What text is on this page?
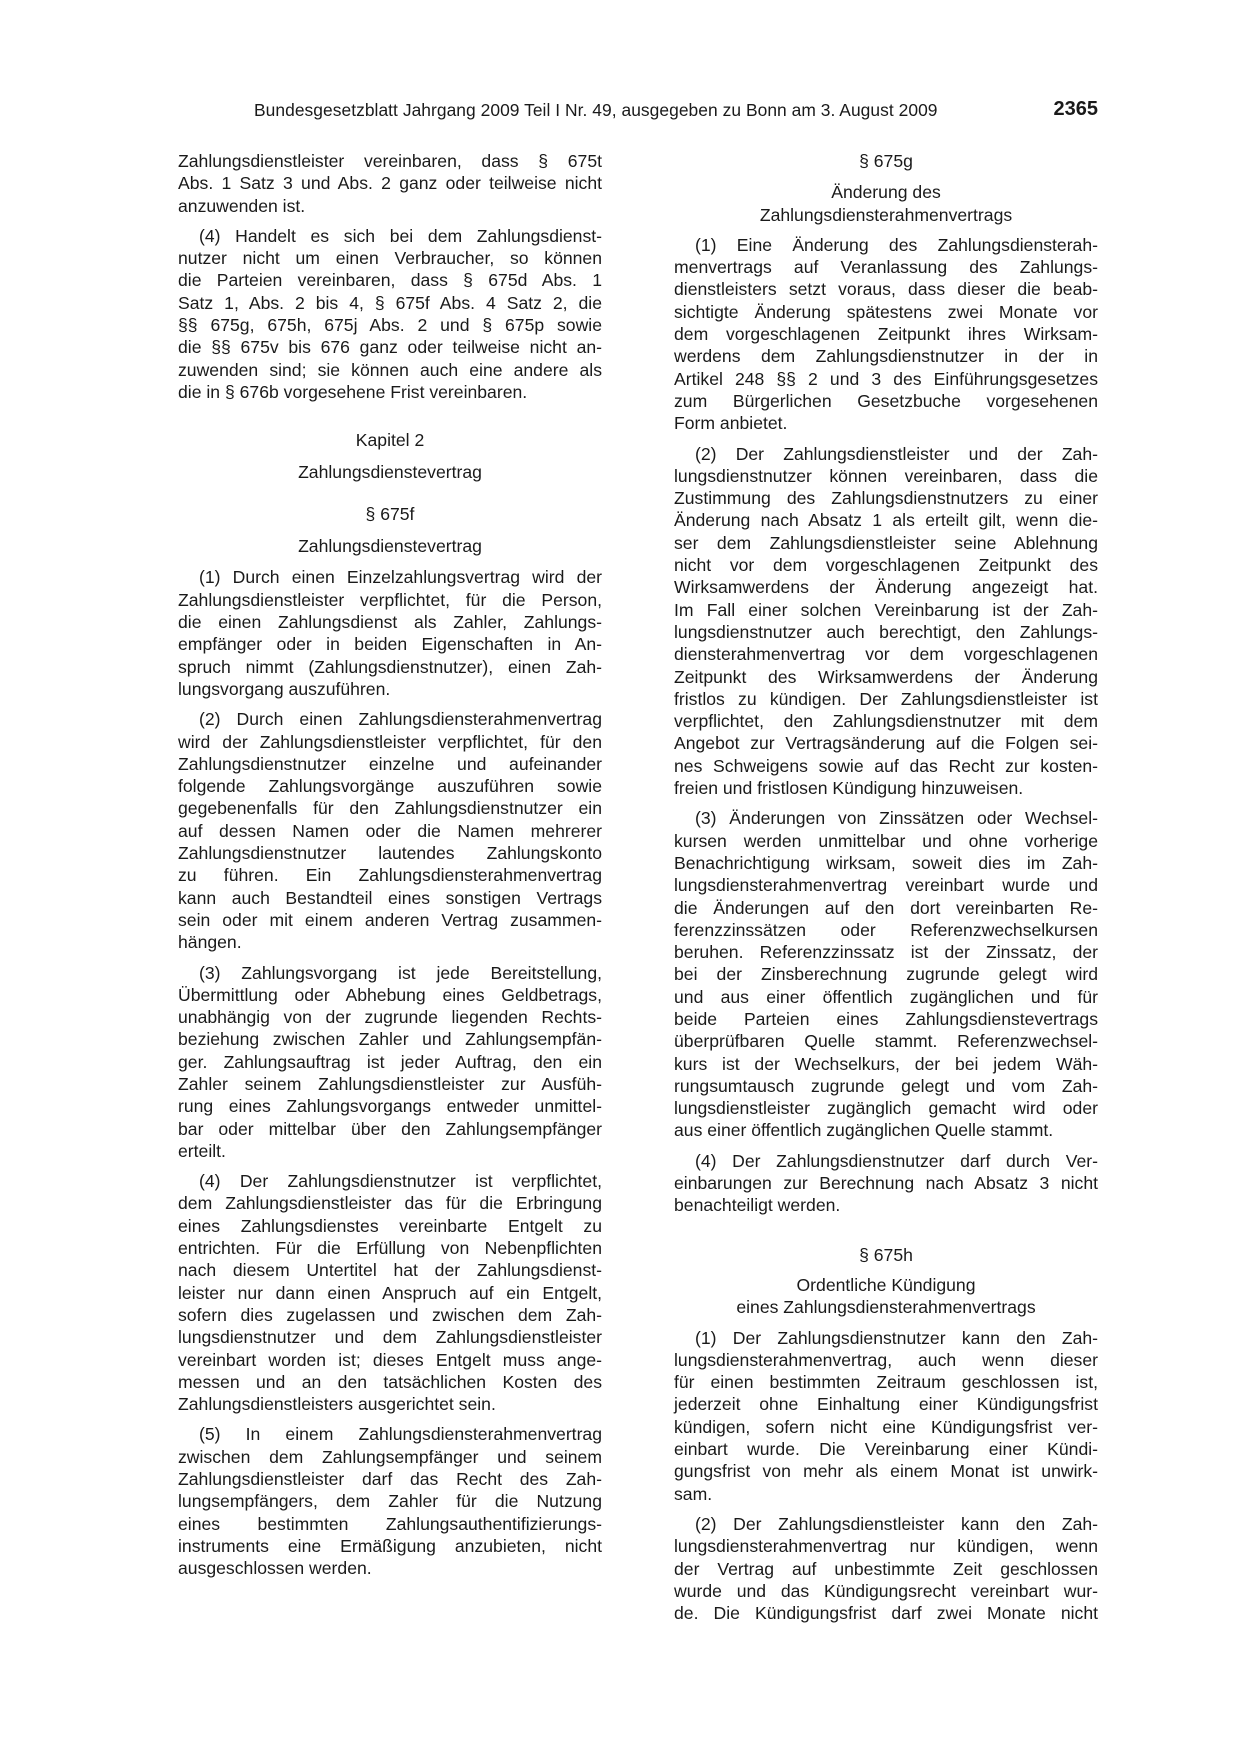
Bundesgesetzblatt Jahrgang 2009 Teil I Nr. 49, ausgegeben zu Bonn am 3. August 2009	2365
Zahlungsdienstleister vereinbaren, dass § 675t
Abs. 1 Satz 3 und Abs. 2 ganz oder teilweise nicht
anzuwenden ist.
(4) Handelt es sich bei dem Zahlungsdienst-
nutzer nicht um einen Verbraucher, so können
die Parteien vereinbaren, dass § 675d Abs. 1
Satz 1, Abs. 2 bis 4, § 675f Abs. 4 Satz 2, die
§§ 675g, 675h, 675j Abs. 2 und § 675p sowie
die §§ 675v bis 676 ganz oder teilweise nicht an-
zuwenden sind; sie können auch eine andere als
die in § 676b vorgesehene Frist vereinbaren.
Kapitel 2
Zahlungsdienstevertrag
§ 675f
Zahlungsdienstevertrag
(1) Durch einen Einzelzahlungsvertrag wird der
Zahlungsdienstleister verpflichtet, für die Person,
die einen Zahlungsdienst als Zahler, Zahlungs-
empfänger oder in beiden Eigenschaften in An-
spruch nimmt (Zahlungsdienstnutzer), einen Zah-
lungsvorgang auszuführen.
(2) Durch einen Zahlungsdiensterahmenvertrag
wird der Zahlungsdienstleister verpflichtet, für den
Zahlungsdienstnutzer einzelne und aufeinander
folgende Zahlungsvorgänge auszuführen sowie
gegebenenfalls für den Zahlungsdienstnutzer ein
auf dessen Namen oder die Namen mehrerer
Zahlungsdienstnutzer lautendes Zahlungskonto
zu führen. Ein Zahlungsdiensterahmenvertrag
kann auch Bestandteil eines sonstigen Vertrags
sein oder mit einem anderen Vertrag zusammen-
hängen.
(3) Zahlungsvorgang ist jede Bereitstellung,
Übermittlung oder Abhebung eines Geldbetrags,
unabhängig von der zugrunde liegenden Rechts-
beziehung zwischen Zahler und Zahlungsempfän-
ger. Zahlungsauftrag ist jeder Auftrag, den ein
Zahler seinem Zahlungsdienstleister zur Ausfüh-
rung eines Zahlungsvorgangs entweder unmittel-
bar oder mittelbar über den Zahlungsempfänger
erteilt.
(4) Der Zahlungsdienstnutzer ist verpflichtet,
dem Zahlungsdienstleister das für die Erbringung
eines Zahlungsdienstes vereinbarte Entgelt zu
entrichten. Für die Erfüllung von Nebenpflichten
nach diesem Untertitel hat der Zahlungsdienst-
leister nur dann einen Anspruch auf ein Entgelt,
sofern dies zugelassen und zwischen dem Zah-
lungsdienstnutzer und dem Zahlungsdienstleister
vereinbart worden ist; dieses Entgelt muss ange-
messen und an den tatsächlichen Kosten des
Zahlungsdienstleisters ausgerichtet sein.
(5) In einem Zahlungsdiensterahmenvertrag
zwischen dem Zahlungsempfänger und seinem
Zahlungsdienstleister darf das Recht des Zah-
lungsempfängers, dem Zahler für die Nutzung
eines bestimmten Zahlungsauthentifizierungs-
instruments eine Ermäßigung anzubieten, nicht
ausgeschlossen werden.
§ 675g
Änderung des
Zahlungsdiensterahmenvertrags
(1) Eine Änderung des Zahlungsdiensterah-
menvertrags auf Veranlassung des Zahlungs-
dienstleisters setzt voraus, dass dieser die beab-
sichtigte Änderung spätestens zwei Monate vor
dem vorgeschlagenen Zeitpunkt ihres Wirksam-
werdens dem Zahlungsdienstnutzer in der in
Artikel 248 §§ 2 und 3 des Einführungsgesetzes
zum Bürgerlichen Gesetzbuche vorgesehenen
Form anbietet.
(2) Der Zahlungsdienstleister und der Zah-
lungsdienstnutzer können vereinbaren, dass die
Zustimmung des Zahlungsdienstnutzers zu einer
Änderung nach Absatz 1 als erteilt gilt, wenn die-
ser dem Zahlungsdienstleister seine Ablehnung
nicht vor dem vorgeschlagenen Zeitpunkt des
Wirksamwerdens der Änderung angezeigt hat.
Im Fall einer solchen Vereinbarung ist der Zah-
lungsdienstnutzer auch berechtigt, den Zahlungs-
diensterahmenvertrag vor dem vorgeschlagenen
Zeitpunkt des Wirksamwerdens der Änderung
fristlos zu kündigen. Der Zahlungsdienstleister ist
verpflichtet, den Zahlungsdienstnutzer mit dem
Angebot zur Vertragsänderung auf die Folgen sei-
nes Schweigens sowie auf das Recht zur kosten-
freien und fristlosen Kündigung hinzuweisen.
(3) Änderungen von Zinssätzen oder Wechsel-
kursen werden unmittelbar und ohne vorherige
Benachrichtigung wirksam, soweit dies im Zah-
lungsdiensterahmenvertrag vereinbart wurde und
die Änderungen auf den dort vereinbarten Re-
ferenzzinssätzen oder Referenzwechselkursen
beruhen. Referenzzinssatz ist der Zinssatz, der
bei der Zinsberechnung zugrunde gelegt wird
und aus einer öffentlich zugänglichen und für
beide Parteien eines Zahlungsdienstevertrags
überprüfbaren Quelle stammt. Referenzwechsel-
kurs ist der Wechselkurs, der bei jedem Wäh-
rungsumtausch zugrunde gelegt und vom Zah-
lungsdienstleister zugänglich gemacht wird oder
aus einer öffentlich zugänglichen Quelle stammt.
(4) Der Zahlungsdienstnutzer darf durch Ver-
einbarungen zur Berechnung nach Absatz 3 nicht
benachteiligt werden.
§ 675h
Ordentliche Kündigung
eines Zahlungsdiensterahmenvertrags
(1) Der Zahlungsdienstnutzer kann den Zah-
lungsdiensterahmenvertrag, auch wenn dieser
für einen bestimmten Zeitraum geschlossen ist,
jederzeit ohne Einhaltung einer Kündigungsfrist
kündigen, sofern nicht eine Kündigungsfrist ver-
einbart wurde. Die Vereinbarung einer Kündi-
gungsfrist von mehr als einem Monat ist unwirk-
sam.
(2) Der Zahlungsdienstleister kann den Zah-
lungsdiensterahmenvertrag nur kündigen, wenn
der Vertrag auf unbestimmte Zeit geschlossen
wurde und das Kündigungsrecht vereinbart wur-
de. Die Kündigungsfrist darf zwei Monate nicht
